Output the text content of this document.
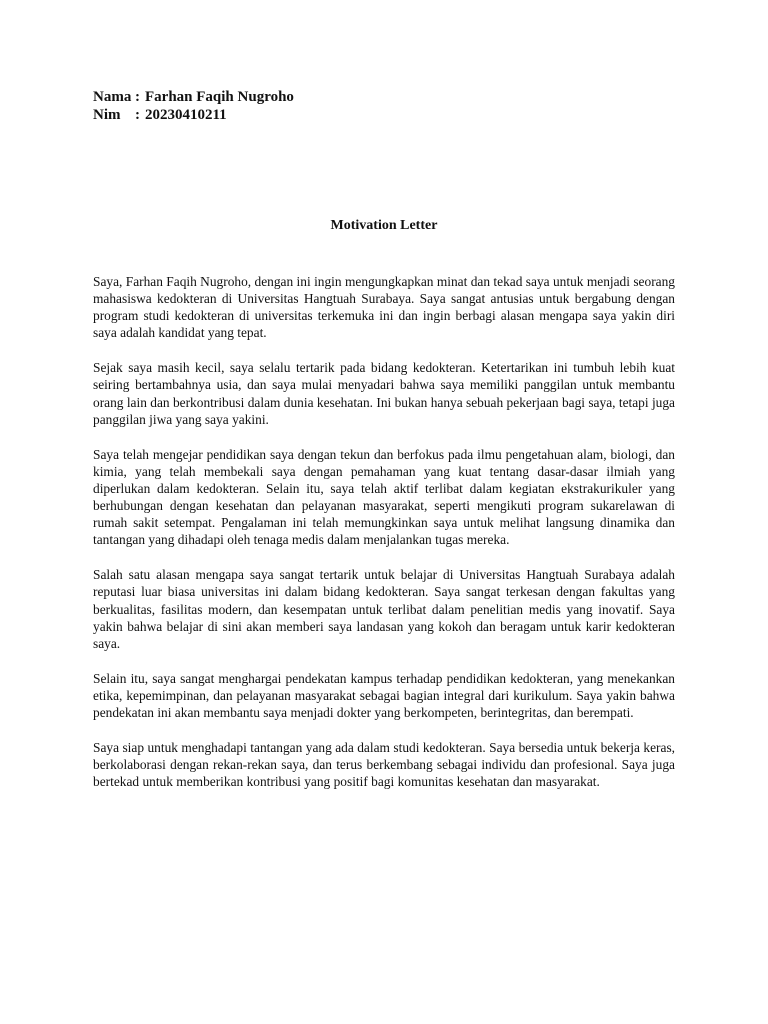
Nama : Farhan Faqih Nugroho
Nim : 20230410211
Motivation Letter

Saya, Farhan Faqih Nugroho, dengan ini ingin mengungkapkan minat dan tekad saya untuk menjadi seorang mahasiswa kedokteran di Universitas Hangtuah Surabaya. Saya sangat antusias untuk bergabung dengan program studi kedokteran di universitas terkemuka ini dan ingin berbagi alasan mengapa saya yakin diri saya adalah kandidat yang tepat.

Sejak saya masih kecil, saya selalu tertarik pada bidang kedokteran. Ketertarikan ini tumbuh lebih kuat seiring bertambahnya usia, dan saya mulai menyadari bahwa saya memiliki panggilan untuk membantu orang lain dan berkontribusi dalam dunia kesehatan. Ini bukan hanya sebuah pekerjaan bagi saya, tetapi juga panggilan jiwa yang saya yakini.

Saya telah mengejar pendidikan saya dengan tekun dan berfokus pada ilmu pengetahuan alam, biologi, dan kimia, yang telah membekali saya dengan pemahaman yang kuat tentang dasar-dasar ilmiah yang diperlukan dalam kedokteran. Selain itu, saya telah aktif terlibat dalam kegiatan ekstrakurikuler yang berhubungan dengan kesehatan dan pelayanan masyarakat, seperti mengikuti program sukarelawan di rumah sakit setempat. Pengalaman ini telah memungkinkan saya untuk melihat langsung dinamika dan tantangan yang dihadapi oleh tenaga medis dalam menjalankan tugas mereka.

Salah satu alasan mengapa saya sangat tertarik untuk belajar di Universitas Hangtuah Surabaya adalah reputasi luar biasa universitas ini dalam bidang kedokteran. Saya sangat terkesan dengan fakultas yang berkualitas, fasilitas modern, dan kesempatan untuk terlibat dalam penelitian medis yang inovatif. Saya yakin bahwa belajar di sini akan memberi saya landasan yang kokoh dan beragam untuk karir kedokteran saya.

Selain itu, saya sangat menghargai pendekatan kampus terhadap pendidikan kedokteran, yang menekankan etika, kepemimpinan, dan pelayanan masyarakat sebagai bagian integral dari kurikulum. Saya yakin bahwa pendekatan ini akan membantu saya menjadi dokter yang berkompeten, berintegritas, dan berempati.

Saya siap untuk menghadapi tantangan yang ada dalam studi kedokteran. Saya bersedia untuk bekerja keras, berkolaborasi dengan rekan-rekan saya, dan terus berkembang sebagai individu dan profesional. Saya juga bertekad untuk memberikan kontribusi yang positif bagi komunitas kesehatan dan masyarakat.
